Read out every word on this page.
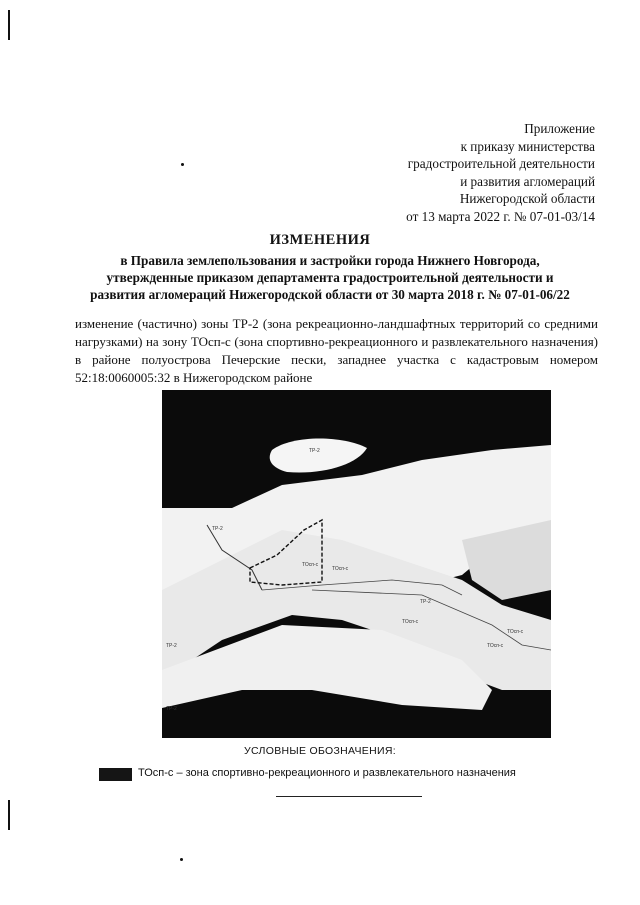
Приложение
к приказу министерства
градостроительной деятельности
и развития агломераций
Нижегородской области
от 13 марта 2022 г. № 07-01-03/14
ИЗМЕНЕНИЯ
в Правила землепользования и застройки города Нижнего Новгорода,
утвержденные приказом департамента градостроительной деятельности и
развития агломераций Нижегородской области от 30 марта 2018 г. № 07-01-06/22
изменение (частично) зоны ТР-2 (зона рекреационно-ландшафтных территорий со средними нагрузками) на зону ТОсп-с (зона спортивно-рекреационного и развлекательного назначения) в районе полуострова Печерские пески, западнее участка с кадастровым номером 52:18:0060005:32 в Нижегородском районе
ТР-2
ТР-2
ТОсп-с
ТОсп-с
ТР-2
ТОсп-с
ТОсп-с
ТОсп-с
ТР-2
ТР-2
УСЛОВНЫЕ ОБОЗНАЧЕНИЯ:
ТОсп-с – зона спортивно-рекреационного и развлекательного назначения
